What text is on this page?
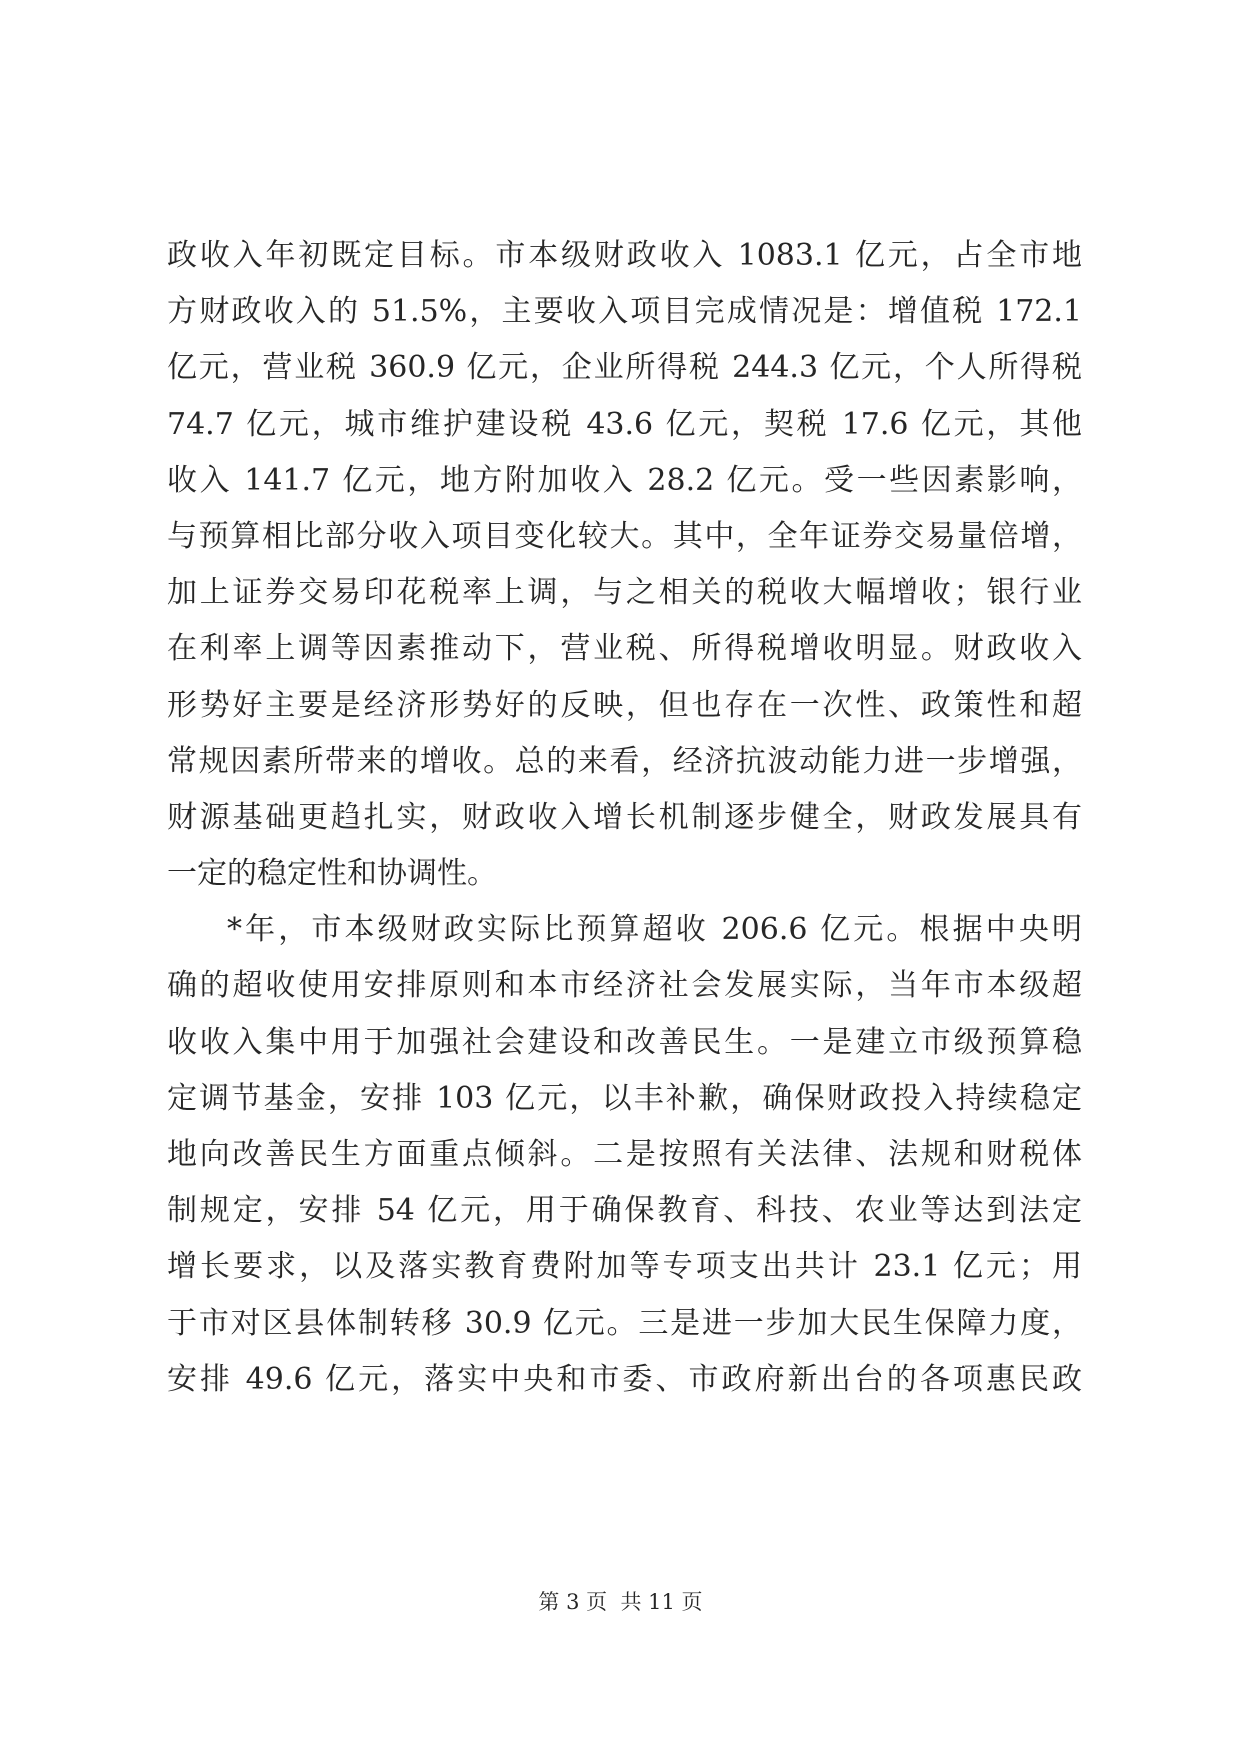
政收入年初既定目标。市本级财政收入 1083.1 亿元，占全市地
方财政收入的 51.5%，主要收入项目完成情况是：增值税 172.1
亿元，营业税 360.9 亿元，企业所得税 244.3 亿元，个人所得税
74.7 亿元，城市维护建设税 43.6 亿元，契税 17.6 亿元，其他
收入 141.7 亿元，地方附加收入 28.2 亿元。受一些因素影响，
与预算相比部分收入项目变化较大。其中，全年证券交易量倍增，
加上证券交易印花税率上调，与之相关的税收大幅增收；银行业
在利率上调等因素推动下，营业税、所得税增收明显。财政收入
形势好主要是经济形势好的反映，但也存在一次性、政策性和超
常规因素所带来的增收。总的来看，经济抗波动能力进一步增强，
财源基础更趋扎实，财政收入增长机制逐步健全，财政发展具有
一定的稳定性和协调性。
*年，市本级财政实际比预算超收 206.6 亿元。根据中央明
确的超收使用安排原则和本市经济社会发展实际，当年市本级超
收收入集中用于加强社会建设和改善民生。一是建立市级预算稳
定调节基金，安排 103 亿元，以丰补歉，确保财政投入持续稳定
地向改善民生方面重点倾斜。二是按照有关法律、法规和财税体
制规定，安排 54 亿元，用于确保教育、科技、农业等达到法定
增长要求，以及落实教育费附加等专项支出共计 23.1 亿元；用
于市对区县体制转移 30.9 亿元。三是进一步加大民生保障力度，
安排 49.6 亿元，落实中央和市委、市政府新出台的各项惠民政
第 3 页  共 11 页
